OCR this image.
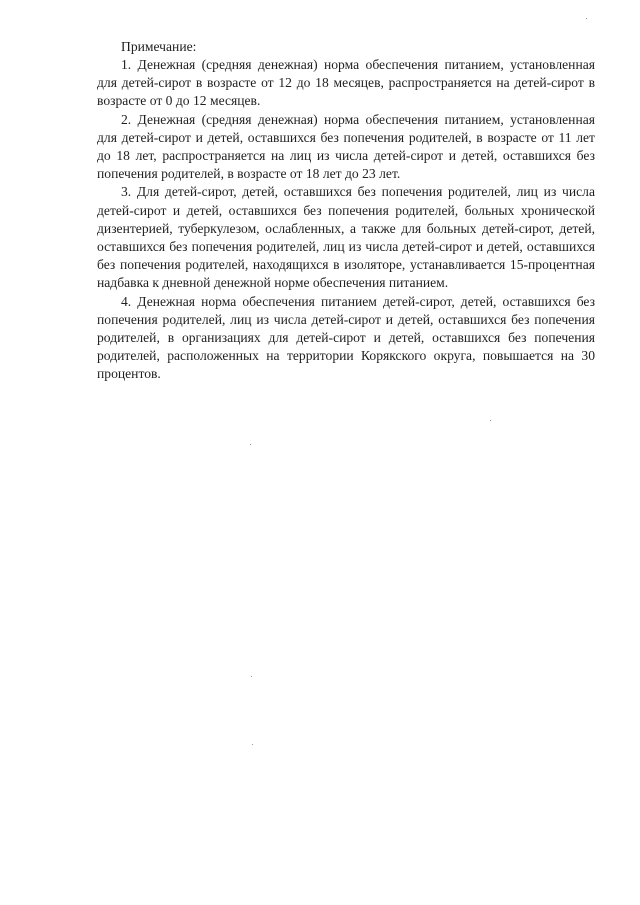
Примечание:

1. Денежная (средняя денежная) норма обеспечения питанием, установленная для детей-сирот в возрасте от 12 до 18 месяцев, распространяется на детей-сирот в возрасте от 0 до 12 месяцев.

2. Денежная (средняя денежная) норма обеспечения питанием, установленная для детей-сирот и детей, оставшихся без попечения родителей, в возрасте от 11 лет до 18 лет, распространяется на лиц из числа детей-сирот и детей, оставшихся без попечения родителей, в возрасте от 18 лет до 23 лет.

3. Для детей-сирот, детей, оставшихся без попечения родителей, лиц из числа детей-сирот и детей, оставшихся без попечения родителей, больных хронической дизентерией, туберкулезом, ослабленных, а также для больных детей-сирот, детей, оставшихся без попечения родителей, лиц из числа детей-сирот и детей, оставшихся без попечения родителей, находящихся в изоляторе, устанавливается 15-процентная надбавка к дневной денежной норме обеспечения питанием.

4. Денежная норма обеспечения питанием детей-сирот, детей, оставшихся без попечения родителей, лиц из числа детей-сирот и детей, оставшихся без попечения родителей, в организациях для детей-сирот и детей, оставшихся без попечения родителей, расположенных на территории Корякского округа, повышается на 30 процентов.
